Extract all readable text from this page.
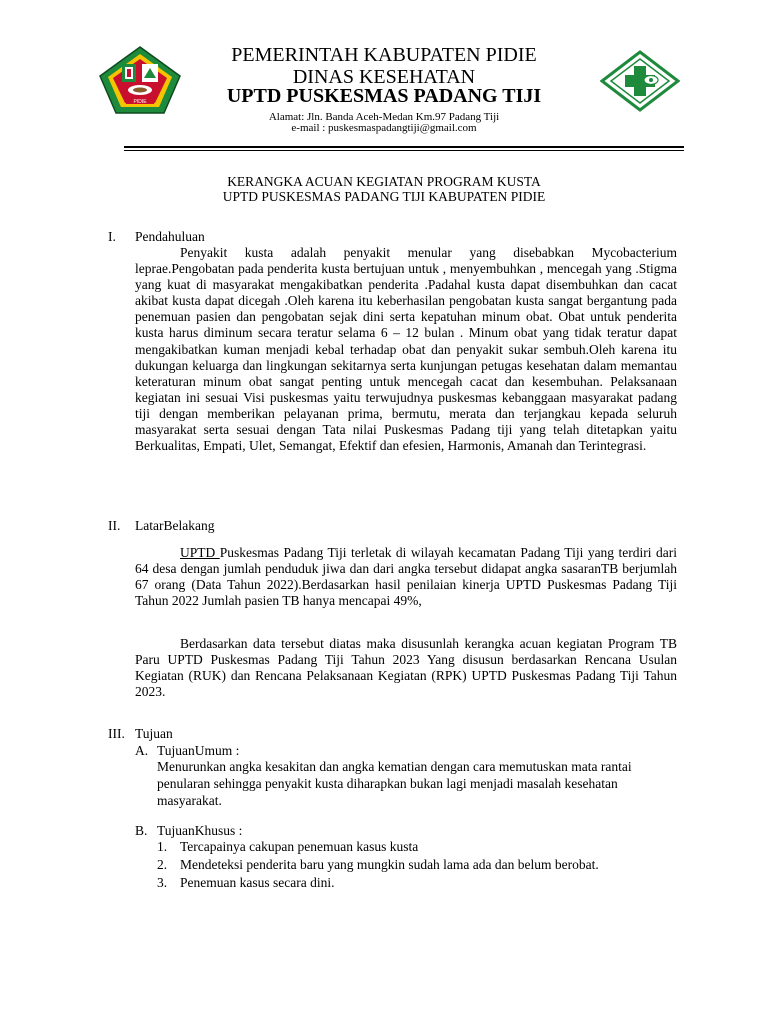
PIDIE
PEMERINTAH KABUPATEN PIDIE
DINAS KESEHATAN
UPTD PUSKESMAS PADANG TIJI
Alamat: Jln. Banda Aceh-Medan Km.97 Padang Tiji
e-mail : puskesmaspadangtiji@gmail.com
KERANGKA ACUAN KEGIATAN PROGRAM KUSTA
UPTD PUSKESMAS PADANG TIJI KABUPATEN PIDIE
I. Pendahuluan
Penyakit kusta adalah penyakit menular yang disebabkan Mycobacterium leprae.Pengobatan pada penderita kusta bertujuan untuk , menyembuhkan , mencegah yang .Stigma yang kuat di masyarakat mengakibatkan penderita .Padahal kusta dapat disembuhkan dan cacat akibat kusta dapat dicegah .Oleh karena itu keberhasilan pengobatan kusta sangat bergantung pada penemuan pasien dan pengobatan sejak dini serta kepatuhan minum obat. Obat untuk penderita kusta harus diminum secara teratur selama 6 – 12 bulan . Minum obat yang tidak teratur dapat mengakibatkan kuman menjadi kebal terhadap obat dan penyakit sukar sembuh.Oleh karena itu dukungan keluarga dan lingkungan sekitarnya serta kunjungan petugas kesehatan dalam memantau keteraturan minum obat sangat penting untuk mencegah cacat dan kesembuhan. Pelaksanaan kegiatan ini sesuai Visi puskesmas yaitu terwujudnya puskesmas kebanggaan masyarakat padang tiji dengan memberikan pelayanan prima, bermutu, merata dan terjangkau kepada seluruh masyarakat serta sesuai dengan Tata nilai Puskesmas Padang tiji yang telah ditetapkan yaitu Berkualitas, Empati, Ulet, Semangat, Efektif dan efesien, Harmonis, Amanah dan Terintegrasi.
II. LatarBelakang
UPTD Puskesmas Padang Tiji terletak di wilayah kecamatan Padang Tiji yang terdiri dari 64 desa dengan jumlah penduduk jiwa dan dari angka tersebut didapat angka sasaranTB berjumlah 67 orang (Data Tahun 2022).Berdasarkan hasil penilaian kinerja UPTD Puskesmas Padang Tiji Tahun 2022 Jumlah pasien TB hanya mencapai 49%,
Berdasarkan data tersebut diatas maka disusunlah kerangka acuan kegiatan Program TB Paru UPTD Puskesmas Padang Tiji Tahun 2023 Yang disusun berdasarkan Rencana Usulan Kegiatan (RUK) dan Rencana Pelaksanaan Kegiatan (RPK) UPTD Puskesmas Padang Tiji Tahun 2023.
III. Tujuan
A. TujuanUmum :
Menurunkan angka kesakitan dan angka kematian dengan cara memutuskan mata rantai penularan sehingga penyakit kusta diharapkan bukan lagi menjadi masalah kesehatan masyarakat.
B. TujuanKhusus :
1. Tercapainya cakupan penemuan kasus kusta
2. Mendeteksi penderita baru yang mungkin sudah lama ada dan belum berobat.
3. Penemuan kasus secara dini.
